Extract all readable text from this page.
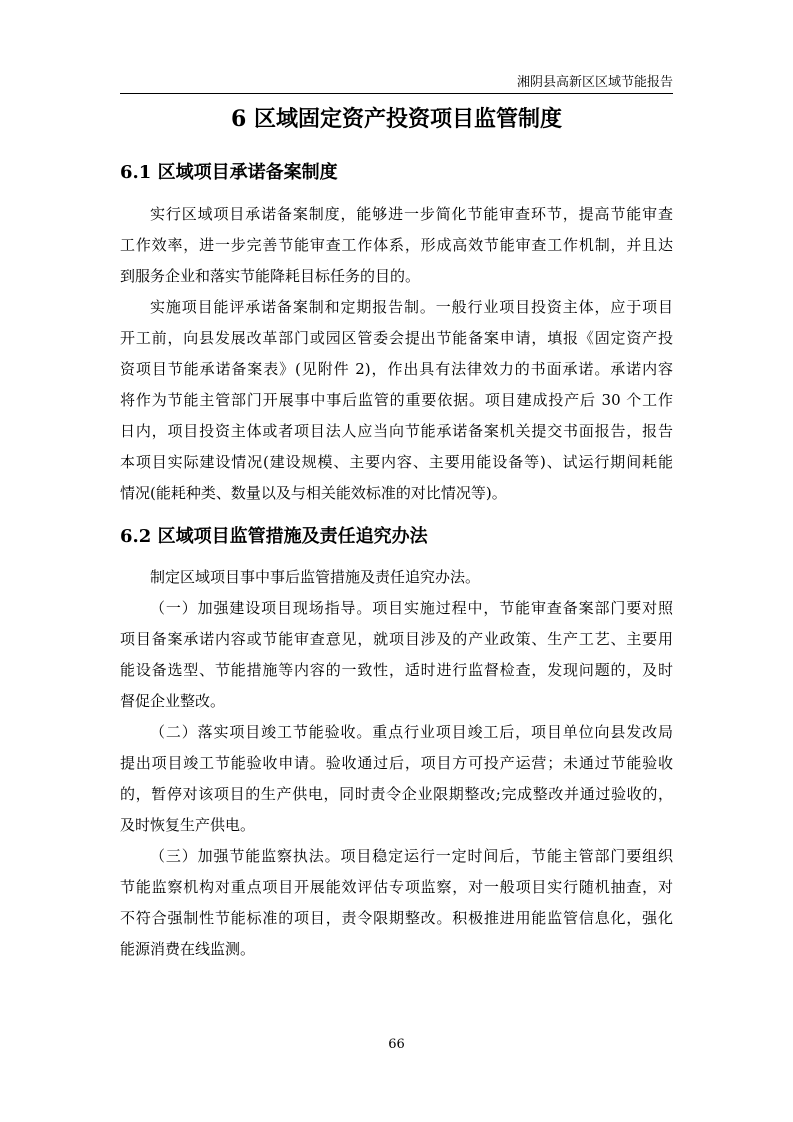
湘阴县高新区区域节能报告
6 区域固定资产投资项目监管制度
6.1 区域项目承诺备案制度
实行区域项目承诺备案制度，能够进一步简化节能审查环节，提高节能审查
工作效率，进一步完善节能审查工作体系，形成高效节能审查工作机制，并且达
到服务企业和落实节能降耗目标任务的目的。
实施项目能评承诺备案制和定期报告制。一般行业项目投资主体，应于项目
开工前，向县发展改革部门或园区管委会提出节能备案申请，填报《固定资产投
资项目节能承诺备案表》(见附件 2)，作出具有法律效力的书面承诺。承诺内容
将作为节能主管部门开展事中事后监管的重要依据。项目建成投产后 30 个工作
日内，项目投资主体或者项目法人应当向节能承诺备案机关提交书面报告，报告
本项目实际建设情况(建设规模、主要内容、主要用能设备等)、试运行期间耗能
情况(能耗种类、数量以及与相关能效标准的对比情况等)。
6.2 区域项目监管措施及责任追究办法
制定区域项目事中事后监管措施及责任追究办法。
（一）加强建设项目现场指导。项目实施过程中，节能审查备案部门要对照
项目备案承诺内容或节能审查意见，就项目涉及的产业政策、生产工艺、主要用
能设备选型、节能措施等内容的一致性，适时进行监督检查，发现问题的，及时
督促企业整改。
（二）落实项目竣工节能验收。重点行业项目竣工后，项目单位向县发改局
提出项目竣工节能验收申请。验收通过后，项目方可投产运营；未通过节能验收
的，暂停对该项目的生产供电，同时责令企业限期整改;完成整改并通过验收的，
及时恢复生产供电。
（三）加强节能监察执法。项目稳定运行一定时间后，节能主管部门要组织
节能监察机构对重点项目开展能效评估专项监察，对一般项目实行随机抽查，对
不符合强制性节能标准的项目，责令限期整改。积极推进用能监管信息化，强化
能源消费在线监测。
66
